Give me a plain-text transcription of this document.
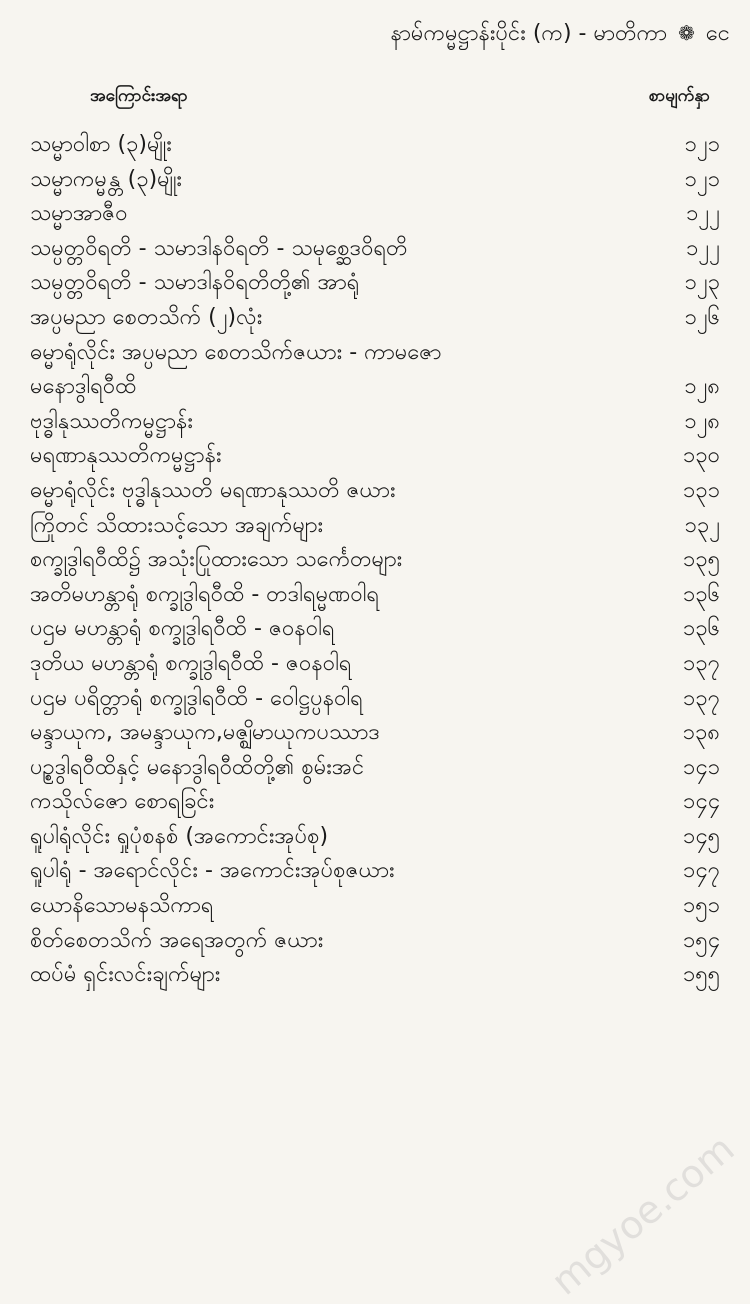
နာမ်ကမ္မဋ္ဌာန်းပိုင်း (က) - မာတိကာ ❁ ငေ
အကြောင်းအရာ	စာမျက်နှာ
သမ္မာဝါစာ (၃)မျိုး	၁၂၁
သမ္မာကမ္မန္တ (၃)မျိုး	၁၂၁
သမ္မာအာဇီဝ	၁၂၂
သမ္ပတ္တဝိရတိ - သမာဒါနဝိရတိ - သမုစ္ဆေဒဝိရတိ	၁၂၂
သမ္ပတ္တဝိရတိ - သမာဒါနဝိရတိတို့၏ အာရုံ	၁၂၃
အပ္ပမညာ စေတသိက် (၂)လုံး	၁၂၆
ဓမ္မာရုံလိုင်း အပ္ပမညာ စေတသိက်ဇယား - ကာမဇော
မနောဒွါရဝီထိ	၁၂၈
ဗုဒ္ဓါနုဿတိကမ္မဋ္ဌာန်း	၁၂၈
မရဏာနုဿတိကမ္မဋ္ဌာန်း	၁၃၀
ဓမ္မာရုံလိုင်း ဗုဒ္ဓါနုဿတိ မရဏာနုဿတိ ဇယား	၁၃၁
ကြိုတင် သိထားသင့်သော အချက်များ	၁၃၂
စက္ခုဒွါရဝီထိ၌ အသုံးပြုထားသော သင်္ကေတများ	၁၃၅
အတိမဟန္တာရုံ စက္ခုဒွါရဝီထိ - တဒါရမ္မဏဝါရ	၁၃၆
ပဌမ မဟန္တာရုံ စက္ခုဒွါရဝီထိ - ဇဝနဝါရ	၁၃၆
ဒုတိယ မဟန္တာရုံ စက္ခုဒွါရဝီထိ - ဇဝနဝါရ	၁၃၇
ပဌမ ပရိတ္တာရုံ စက္ခုဒွါရဝီထိ - ဝေါဋ္ဌပ္ပနဝါရ	၁၃၇
မန္ဒာယုက, အမန္ဒာယုက,မဇ္ဈိမာယုကပဿာဒ	၁၃၈
ပဉ္စဒွါရဝီထိနှင့် မနောဒွါရဝီထိတို့၏ စွမ်းအင်	၁၄၁
ကသိုလ်ဇော စောရခြင်း	၁၄၄
ရူပါရုံလိုင်း ရှုပုံစနစ် (အကောင်းအုပ်စု)	၁၄၅
ရူပါရုံ - အရောင်လိုင်း - အကောင်းအုပ်စုဇယား	၁၄၇
ယောနိသောမနသိကာရ	၁၅၁
စိတ်စေတသိက် အရေအတွက် ဇယား	၁၅၄
ထပ်မံ ရှင်းလင်းချက်များ	၁၅၅
mgyoe.com
